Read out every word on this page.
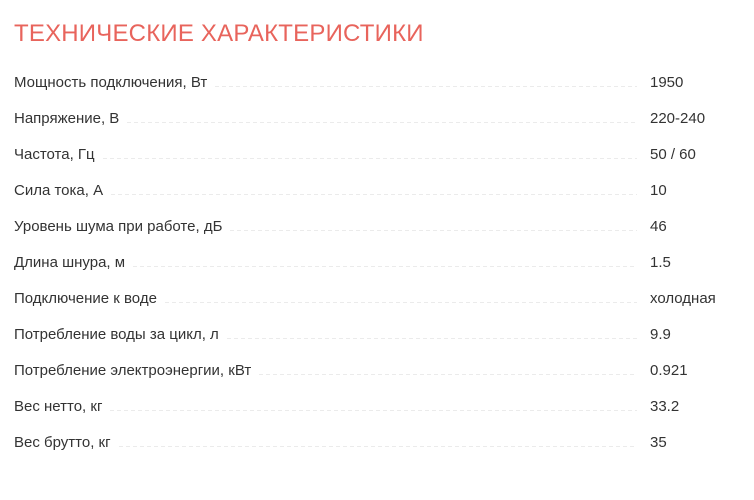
ТЕХНИЧЕСКИЕ ХАРАКТЕРИСТИКИ
Мощность подключения, Вт	1950
Напряжение, В	220-240
Частота, Гц	50 / 60
Сила тока, А	10
Уровень шума при работе, дБ	46
Длина шнура, м	1.5
Подключение к воде	холодная
Потребление воды за цикл, л	9.9
Потребление электроэнергии, кВт	0.921
Вес нетто, кг	33.2
Вес брутто, кг	35
